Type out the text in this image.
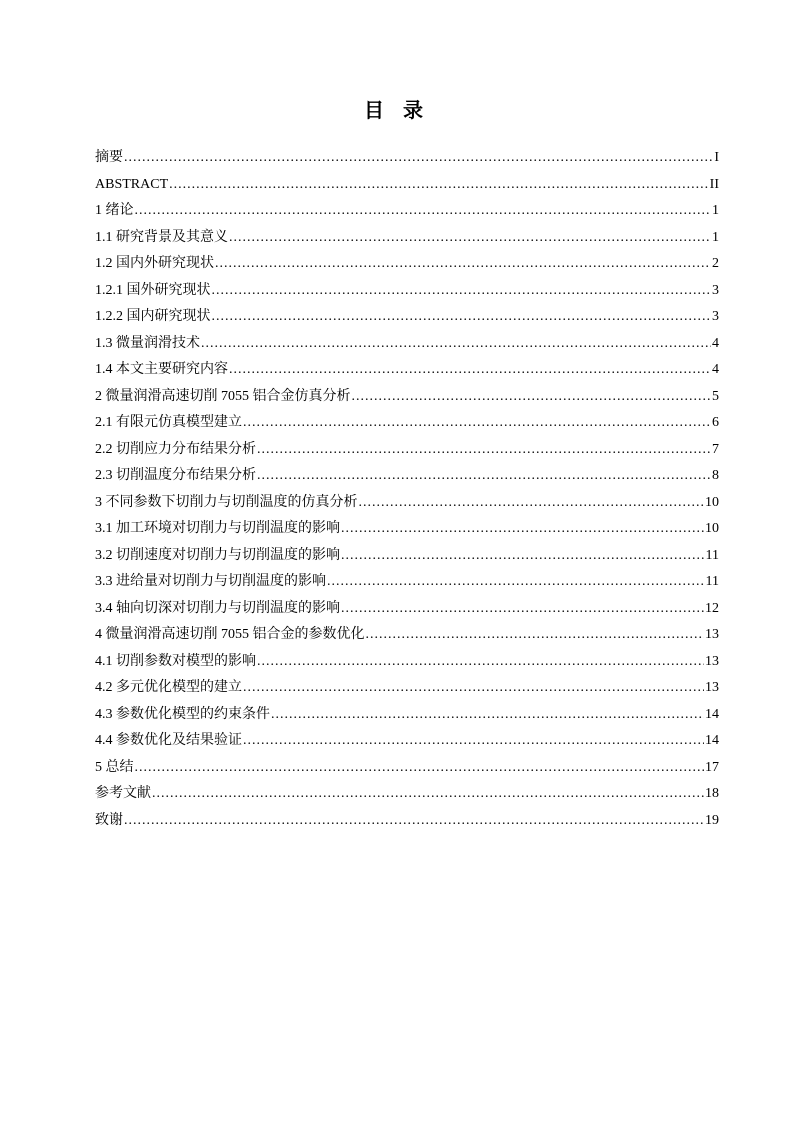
目 录
摘要 .....	I
ABSTRACT .....	II
1 绪论 .....	1
1.1 研究背景及其意义 .....	1
1.2 国内外研究现状 .....	2
1.2.1 国外研究现状 .....	3
1.2.2 国内研究现状 .....	3
1.3 微量润滑技术 .....	4
1.4 本文主要研究内容 .....	4
2 微量润滑高速切削 7055 铝合金仿真分析 .....	5
2.1 有限元仿真模型建立 .....	6
2.2 切削应力分布结果分析 .....	7
2.3 切削温度分布结果分析 .....	8
3 不同参数下切削力与切削温度的仿真分析 .....	10
3.1 加工环境对切削力与切削温度的影响 .....	10
3.2 切削速度对切削力与切削温度的影响 .....	11
3.3 进给量对切削力与切削温度的影响 .....	11
3.4 轴向切深对切削力与切削温度的影响 .....	12
4 微量润滑高速切削 7055 铝合金的参数优化 .....	13
4.1 切削参数对模型的影响 .....	13
4.2 多元优化模型的建立 .....	13
4.3 参数优化模型的约束条件 .....	14
4.4 参数优化及结果验证 .....	14
5 总结 .....	17
参考文献 .....	18
致谢 .....	19
